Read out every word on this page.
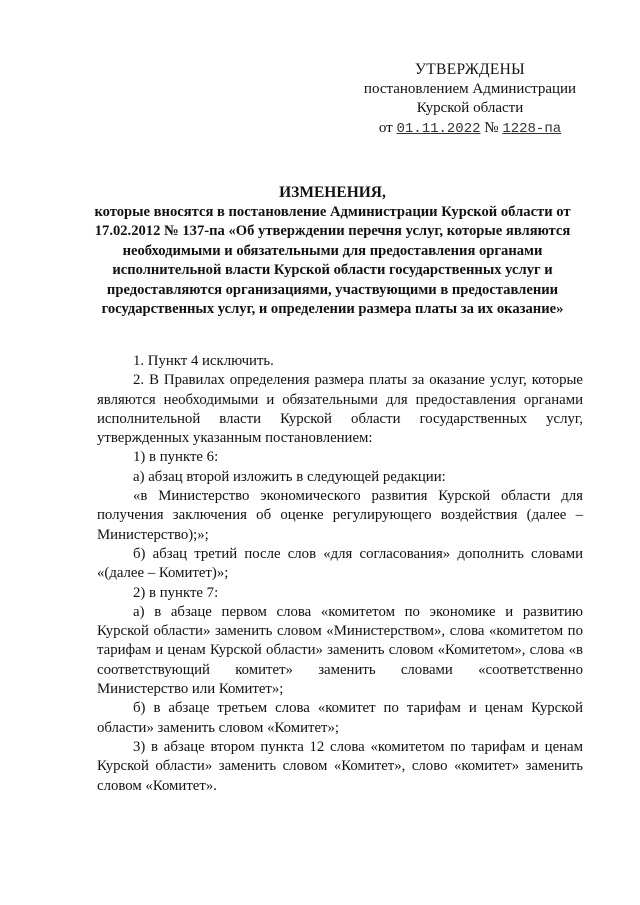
УТВЕРЖДЕНЫ
постановлением Администрации
Курской области
от 01.11.2022 № 1228-па
ИЗМЕНЕНИЯ,
которые вносятся в постановление Администрации Курской области от 17.02.2012 № 137-па «Об утверждении перечня услуг, которые являются необходимыми и обязательными для предоставления органами исполнительной власти Курской области государственных услуг и предоставляются организациями, участвующими в предоставлении государственных услуг, и определении размера платы за их оказание»

1. Пункт 4 исключить.

2. В Правилах определения размера платы за оказание услуг, которые являются необходимыми и обязательными для предоставления органами исполнительной власти Курской области государственных услуг, утвержденных указанным постановлением:

1) в пункте 6:

а) абзац второй изложить в следующей редакции:

«в Министерство экономического развития Курской области для получения заключения об оценке регулирующего воздействия (далее – Министерство);»;

б) абзац третий после слов «для согласования» дополнить словами «(далее – Комитет)»;

2) в пункте 7:

а) в абзаце первом слова «комитетом по экономике и развитию Курской области» заменить словом «Министерством», слова «комитетом по тарифам и ценам Курской области» заменить словом «Комитетом», слова «в соответствующий комитет» заменить словами «соответственно Министерство или Комитет»;

б) в абзаце третьем слова «комитет по тарифам и ценам Курской области» заменить словом «Комитет»;

3) в абзаце втором пункта 12 слова «комитетом по тарифам и ценам Курской области» заменить словом «Комитет», слово «комитет» заменить словом «Комитет».
